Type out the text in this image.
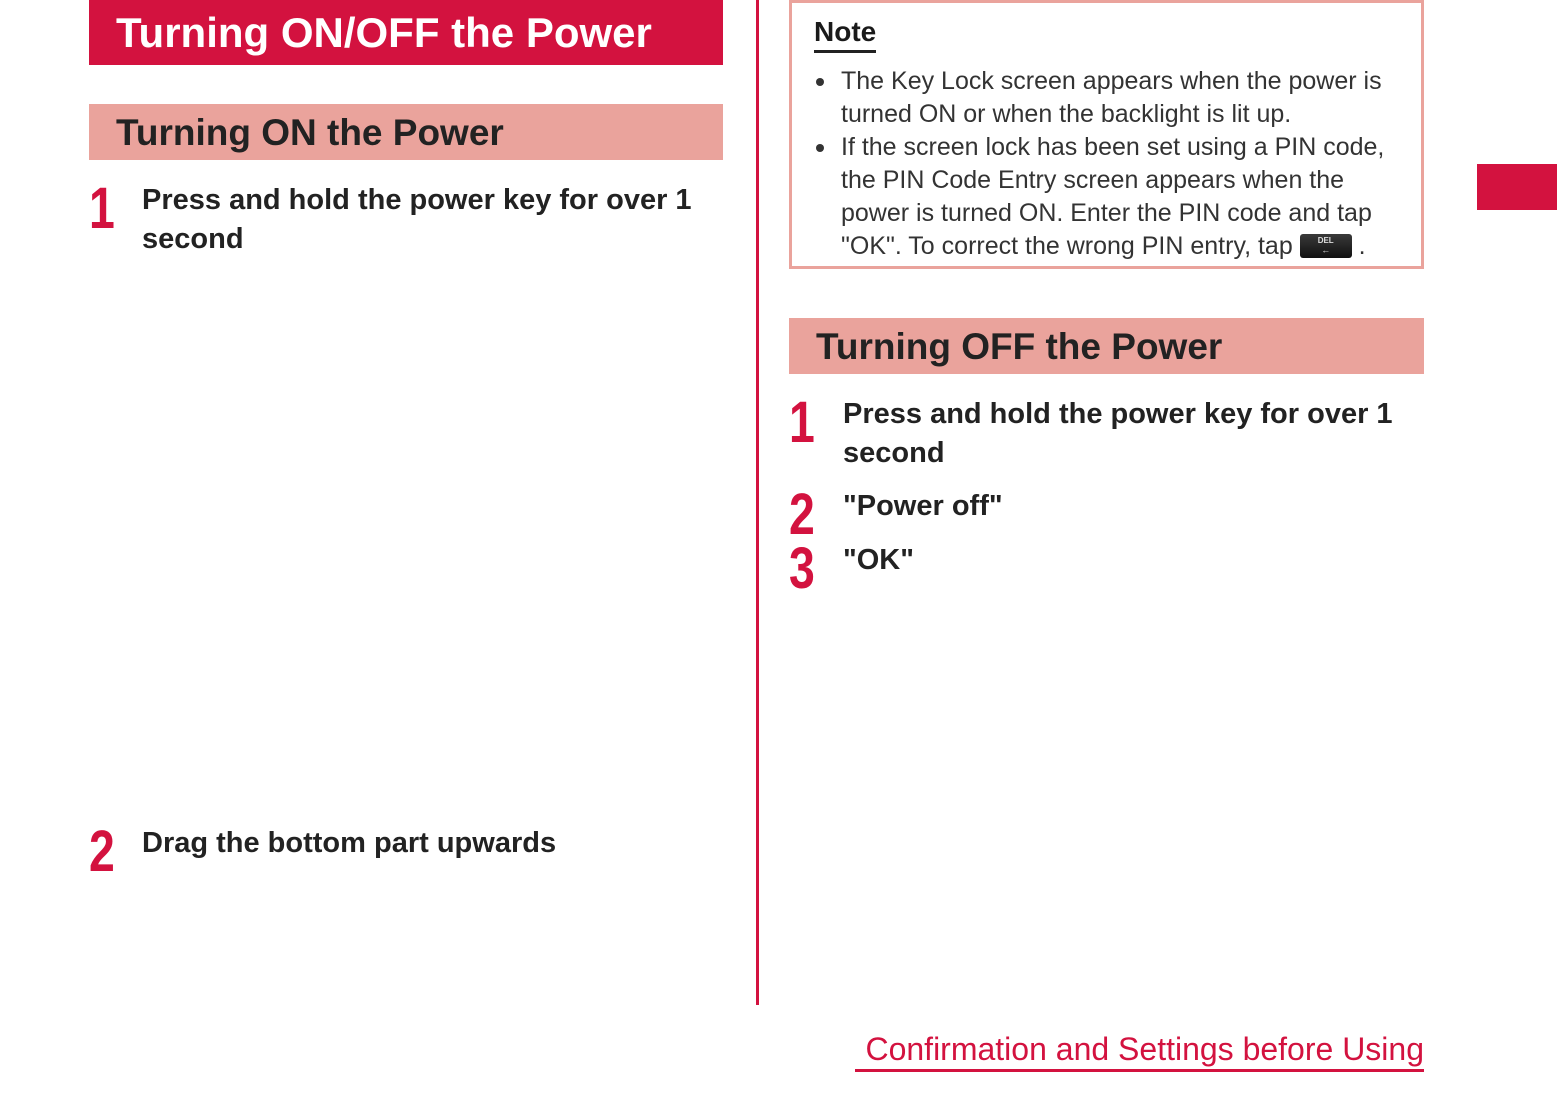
Turning ON/OFF the Power
Turning ON the Power
1 Press and hold the power key for over 1 second
2 Drag the bottom part upwards
Note
The Key Lock screen appears when the power is turned ON or when the backlight is lit up.
If the screen lock has been set using a PIN code, the PIN Code Entry screen appears when the power is turned ON. Enter the PIN code and tap "OK". To correct the wrong PIN entry, tap	DEL
←	.
Turning OFF the Power
1 Press and hold the power key for over 1 second
2 "Power off"
3 "OK"
Confirmation and Settings before Using
